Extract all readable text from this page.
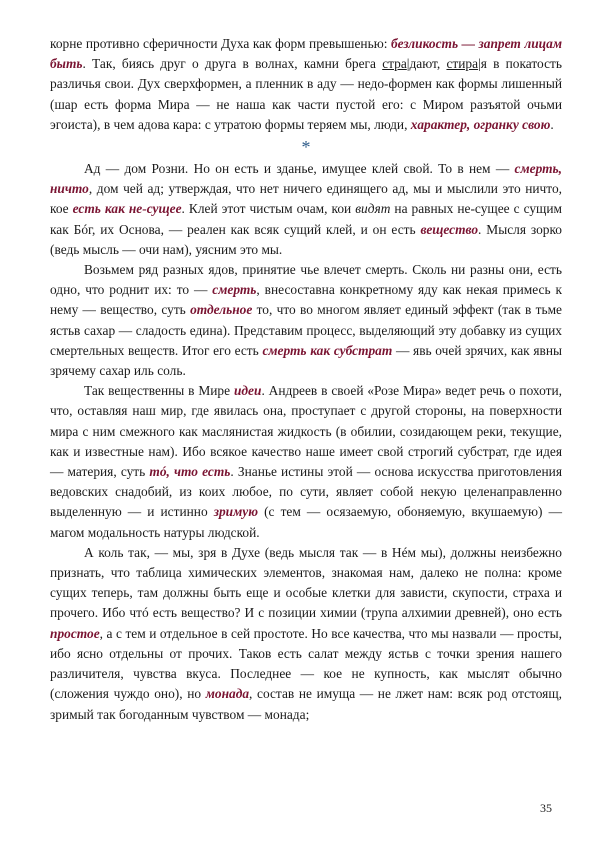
корне противно сферичности Духа как форм превышенью: безликость — запрет лицам быть. Так, биясь друг о друга в волнах, камни брега стра|дают, стира|я в покатость различья свои. Дух сверхформен, а пленник в аду — недо-формен как формы лишенный (шар есть форма Мира — не наша как части пустой его: с Миром разъятой очьми эгоиста), в чем адова кара: с утратою формы теряем мы, люди, характер, огранку свою.

*

Ад — дом Розни. Но он есть и зданье, имущее клей свой. То в нем — смерть, ничто, дом чей ад; утверждая, что нет ничего единящего ад, мы и мыслили это ничто, кое есть как не-сущее. Клей этот чистым очам, кои видят на равных не-сущее с сущим как Бóг, их Основа, — реален как всяк сущий клей, и он есть вещество. Мысля зорко (ведь мысль — очи нам), уясним это мы.

Возьмем ряд разных ядов, принятие чье влечет смерть. Сколь ни разны они, есть одно, что роднит их: то — смерть, внесоставна конкретному яду как некая примесь к нему — вещество, суть отдельное то, что во многом являет единый эффект (так в тьме ястьв сахар — сладость едина). Представим процесс, выделяющий эту добавку из сущих смертельных веществ. Итог его есть смерть как субстрат — явь очей зрячих, как явны зрячему сахар иль соль.

Так вещественны в Мире идеи. Андреев в своей «Розе Мира» ведет речь о похоти, что, оставляя наш мир, где явилась она, проступает с другой стороны, на поверхности мира с ним смежного как маслянистая жидкость (в обилии, созидающем реки, текущие, как и известные нам). Ибо всякое качество наше имеет свой строгий субстрат, где идея — материя, суть тó, что есть. Знанье истины этой — основа искусства приготовления ведовских снадобий, из коих любое, по сути, являет собой некую целенаправленно выделенную — и истинно зримую (с тем — осязаемую, обоняемую, вкушаемую) — магом модальность натуры людской.

А коль так, — мы, зря в Духе (ведь мысля так — в Нéм мы), должны неизбежно признать, что таблица химических элементов, знакомая нам, далеко не полна: кроме сущих теперь, там должны быть еще и особые клетки для зависти, скупости, страха и прочего. Ибо чтó есть вещество? И с позиции химии (трупа алхимии древней), оно есть простое, а с тем и отдельное в сей простоте. Но все качества, что мы назвали — просты, ибо ясно отдельны от прочих. Таков есть салат между ястьв с точки зрения нашего различителя, чувства вкуса. Последнее — кое не купность, как мыслят обычно (сложения чуждо оно), но монада, состав не имуща — не лжет нам: всяк род отстоящ, зримый так богоданным чувством — монада;

35
